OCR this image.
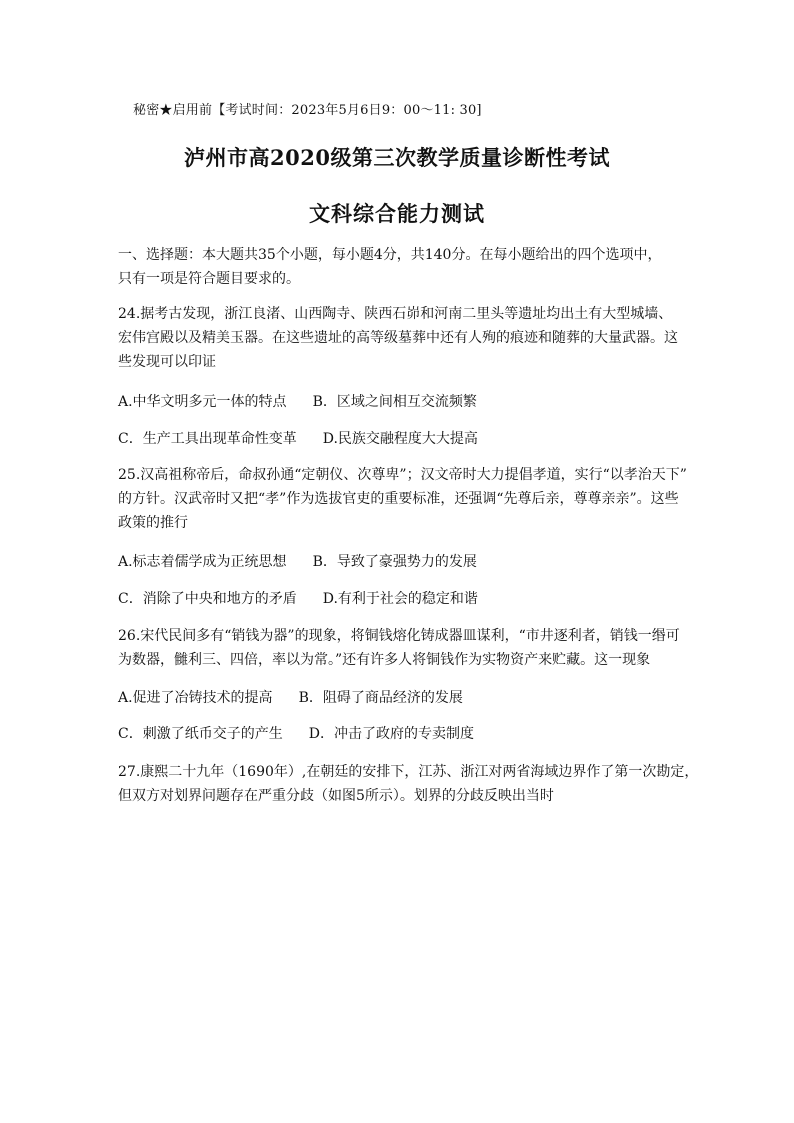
秘密★启用前【考试时间：2023年5月6日9：00～11: 30]
泸州市高2020级第三次教学质量诊断性考试
文科综合能力测试

一、选择题：本大题共35个小题，每小题4分，共140分。在每小题给出的四个选项中，

只有一项是符合题目要求的。

24.据考古发现，浙江良渚、山西陶寺、陕西石峁和河南二里头等遗址均出土有大型城墙、

宏伟宫殿以及精美玉器。在这些遗址的高等级墓葬中还有人殉的痕迹和随葬的大量武器。这

些发现可以印证

A.中华文明多元一体的特点 B．区域之间相互交流频繁
C．生产工具出现革命性变革 D.民族交融程度大大提高

25.汉高祖称帝后，命叔孙通“定朝仪、次尊卑”；汉文帝时大力提倡孝道，实行“以孝治天下”

的方针。汉武帝时又把“孝”作为选拔官吏的重要标准，还强调“先尊后亲，尊尊亲亲”。这些

政策的推行

A.标志着儒学成为正统思想 B．导致了豪强势力的发展
C．消除了中央和地方的矛盾 D.有利于社会的稳定和谐

26.宋代民间多有“销钱为器”的现象，将铜钱熔化铸成器皿谋利，“市井逐利者，销钱一缗可

为数器，雠利三、四倍，率以为常。”还有许多人将铜钱作为实物资产来贮藏。这一现象

A.促进了冶铸技术的提高 B．阻碍了商品经济的发展
C．刺激了纸币交子的产生 D．冲击了政府的专卖制度

27.康熙二十九年（1690年）,在朝廷的安排下，江苏、浙江对两省海域边界作了第一次勘定，

但双方对划界问题存在严重分歧（如图5所示）。划界的分歧反映出当时
